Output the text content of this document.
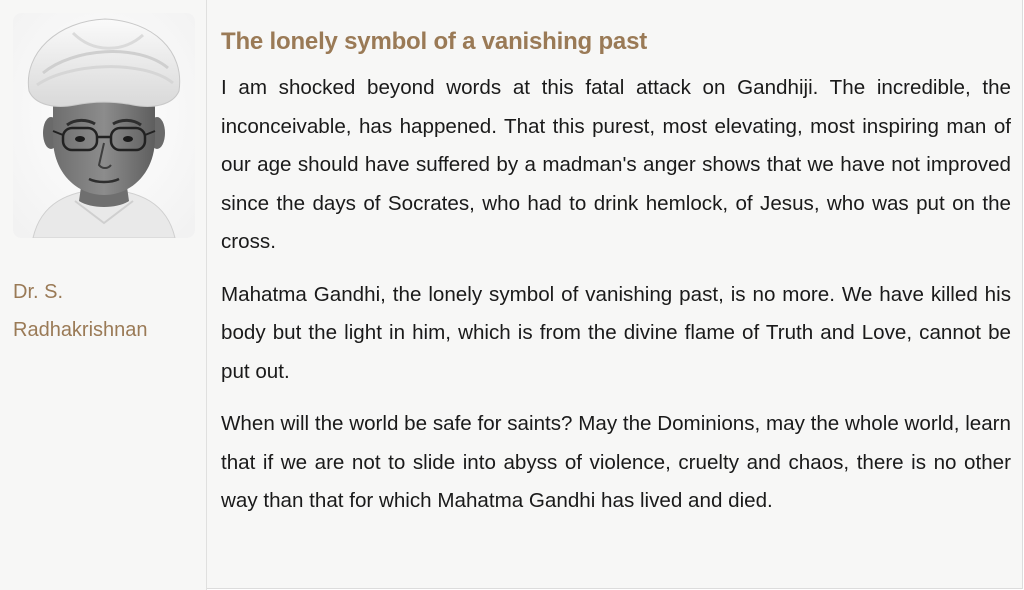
Dr. S. Radhakrishnan
The lonely symbol of a vanishing past

I am shocked beyond words at this fatal attack on Gandhiji. The incredible, the inconceivable, has happened. That this purest, most elevating, most inspiring man of our age should have suffered by a madman's anger shows that we have not improved since the days of Socrates, who had to drink hemlock, of Jesus, who was put on the cross.

Mahatma Gandhi, the lonely symbol of vanishing past, is no more. We have killed his body but the light in him, which is from the divine flame of Truth and Love, cannot be put out.

When will the world be safe for saints? May the Dominions, may the whole world, learn that if we are not to slide into abyss of violence, cruelty and chaos, there is no other way than that for which Mahatma Gandhi has lived and died.
